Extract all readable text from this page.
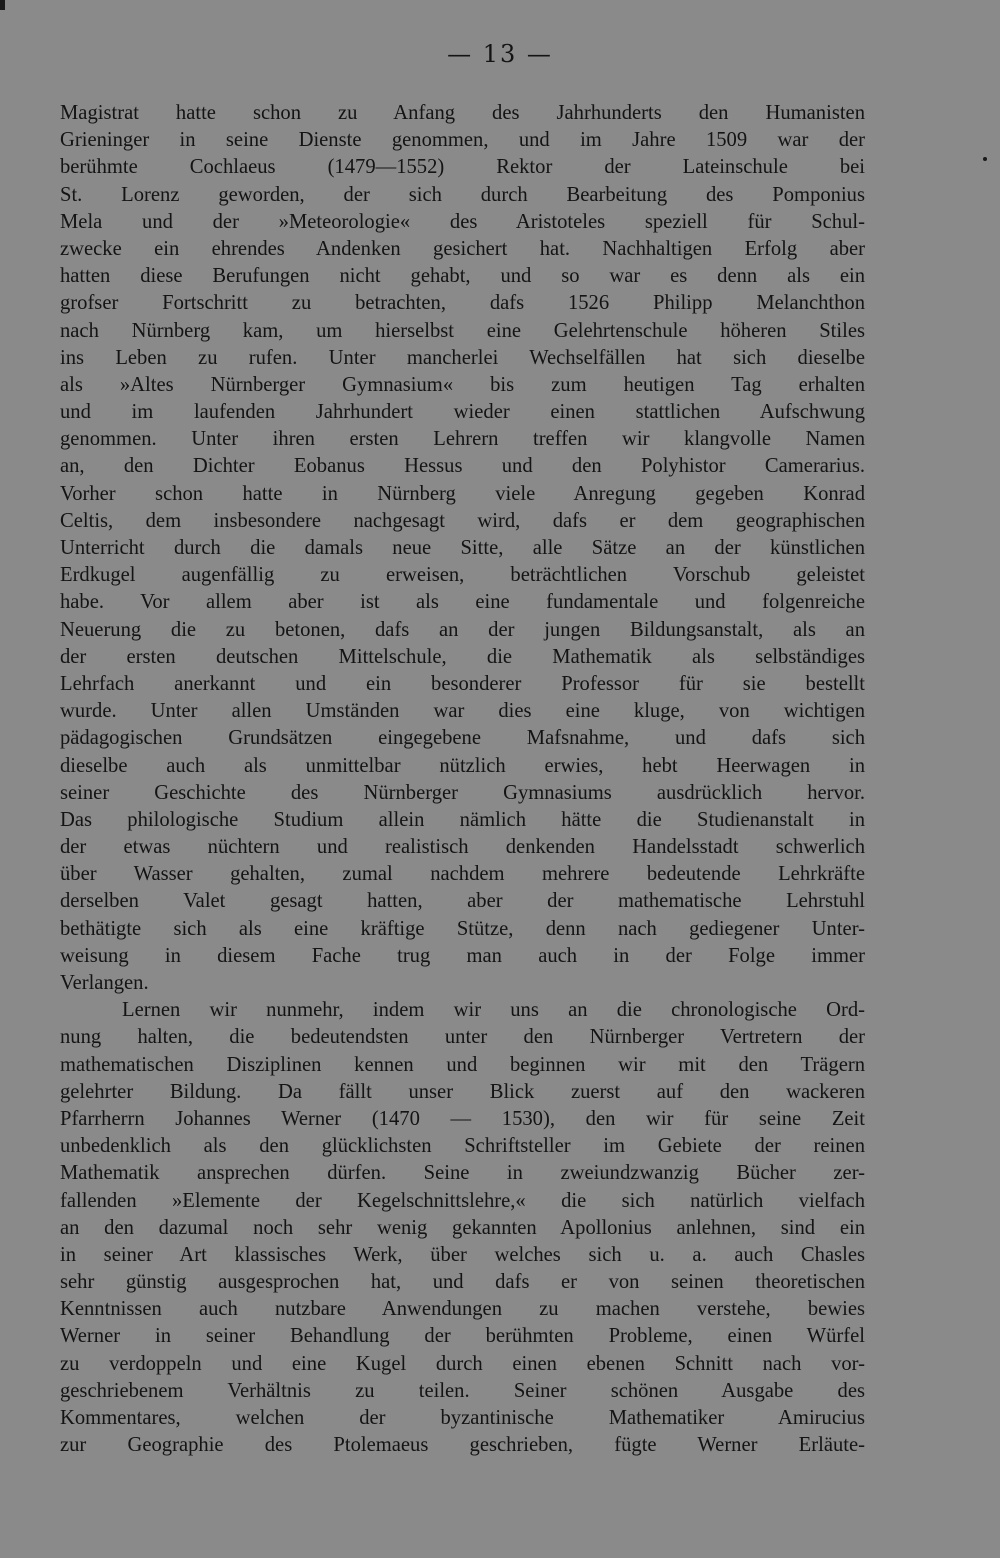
— 13 —
Magistrat hatte schon zu Anfang des Jahrhunderts den Humanisten
Grieninger in seine Dienste genommen, und im Jahre 1509 war der
berühmte Cochlaeus (1479—1552) Rektor der Lateinschule bei
St. Lorenz geworden, der sich durch Bearbeitung des Pomponius
Mela und der »Meteorologie« des Aristoteles speziell für Schul-
zwecke ein ehrendes Andenken gesichert hat. Nachhaltigen Erfolg aber
hatten diese Berufungen nicht gehabt, und so war es denn als ein
grofser Fortschritt zu betrachten, dafs 1526 Philipp Melanchthon
nach Nürnberg kam, um hierselbst eine Gelehrtenschule höheren Stiles
ins Leben zu rufen. Unter mancherlei Wechselfällen hat sich dieselbe
als »Altes Nürnberger Gymnasium« bis zum heutigen Tag erhalten
und im laufenden Jahrhundert wieder einen stattlichen Aufschwung
genommen. Unter ihren ersten Lehrern treffen wir klangvolle Namen
an, den Dichter Eobanus Hessus und den Polyhistor Camerarius.
Vorher schon hatte in Nürnberg viele Anregung gegeben Konrad
Celtis, dem insbesondere nachgesagt wird, dafs er dem geographischen
Unterricht durch die damals neue Sitte, alle Sätze an der künstlichen
Erdkugel augenfällig zu erweisen, beträchtlichen Vorschub geleistet
habe. Vor allem aber ist als eine fundamentale und folgenreiche
Neuerung die zu betonen, dafs an der jungen Bildungsanstalt, als an
der ersten deutschen Mittelschule, die Mathematik als selbständiges
Lehrfach anerkannt und ein besonderer Professor für sie bestellt
wurde. Unter allen Umständen war dies eine kluge, von wichtigen
pädagogischen Grundsätzen eingegebene Mafsnahme, und dafs sich
dieselbe auch als unmittelbar nützlich erwies, hebt Heerwagen in
seiner Geschichte des Nürnberger Gymnasiums ausdrücklich hervor.
Das philologische Studium allein nämlich hätte die Studienanstalt in
der etwas nüchtern und realistisch denkenden Handelsstadt schwerlich
über Wasser gehalten, zumal nachdem mehrere bedeutende Lehrkräfte
derselben Valet gesagt hatten, aber der mathematische Lehrstuhl
bethätigte sich als eine kräftige Stütze, denn nach gediegener Unter-
weisung in diesem Fache trug man auch in der Folge immer
Verlangen.
Lernen wir nunmehr, indem wir uns an die chronologische Ord-
nung halten, die bedeutendsten unter den Nürnberger Vertretern der
mathematischen Disziplinen kennen und beginnen wir mit den Trägern
gelehrter Bildung. Da fällt unser Blick zuerst auf den wackeren
Pfarrherrn Johannes Werner (1470 — 1530), den wir für seine Zeit
unbedenklich als den glücklichsten Schriftsteller im Gebiete der reinen
Mathematik ansprechen dürfen. Seine in zweiundzwanzig Bücher zer-
fallenden »Elemente der Kegelschnittslehre,« die sich natürlich vielfach
an den dazumal noch sehr wenig gekannten Apollonius anlehnen, sind ein
in seiner Art klassisches Werk, über welches sich u. a. auch Chasles
sehr günstig ausgesprochen hat, und dafs er von seinen theoretischen
Kenntnissen auch nutzbare Anwendungen zu machen verstehe, bewies
Werner in seiner Behandlung der berühmten Probleme, einen Würfel
zu verdoppeln und eine Kugel durch einen ebenen Schnitt nach vor-
geschriebenem Verhältnis zu teilen. Seiner schönen Ausgabe des
Kommentares, welchen der byzantinische Mathematiker Amirucius
zur Geographie des Ptolemaeus geschrieben, fügte Werner Erläute-
